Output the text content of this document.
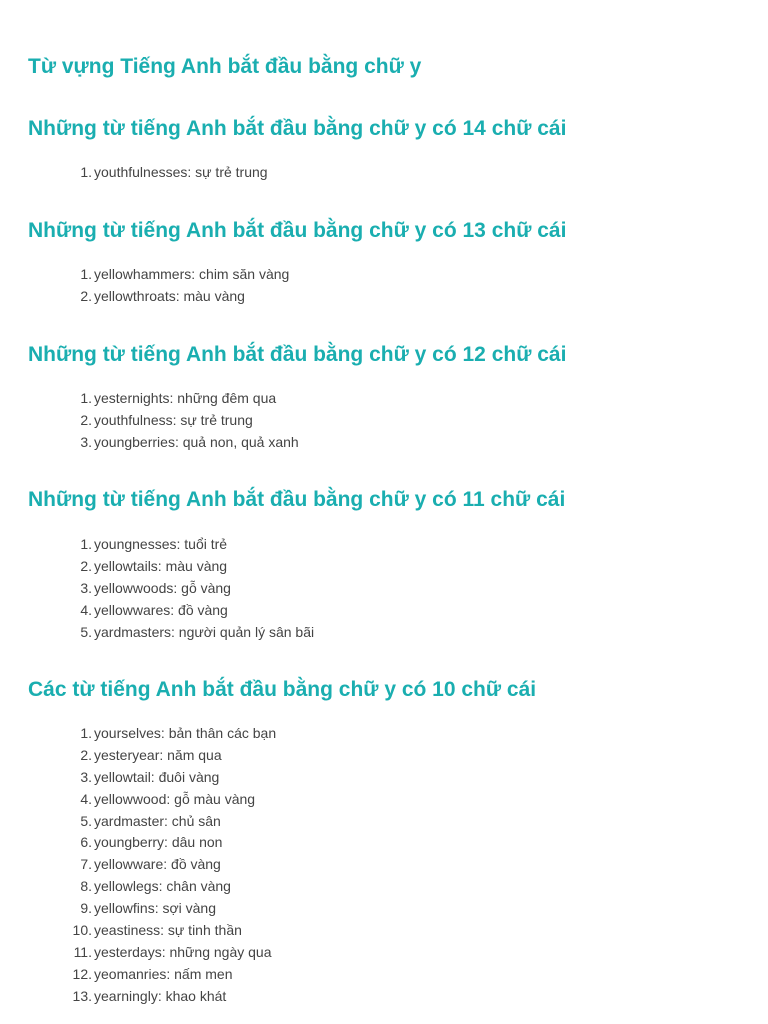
Từ vựng Tiếng Anh bắt đầu bằng chữ y
Những từ tiếng Anh bắt đầu bằng chữ y có 14 chữ cái
1. youthfulnesses: sự trẻ trung
Những từ tiếng Anh bắt đầu bằng chữ y có 13 chữ cái
1. yellowhammers: chim săn vàng
2. yellowthroats: màu vàng
Những từ tiếng Anh bắt đầu bằng chữ y có 12 chữ cái
1. yesternights: những đêm qua
2. youthfulness: sự trẻ trung
3. youngberries: quả non, quả xanh
Những từ tiếng Anh bắt đầu bằng chữ y có 11 chữ cái
1. youngnesses: tuổi trẻ
2. yellowtails: màu vàng
3. yellowwoods: gỗ vàng
4. yellowwares: đồ vàng
5. yardmasters: người quản lý sân bãi
Các từ tiếng Anh bắt đầu bằng chữ y có 10 chữ cái
1. yourselves: bản thân các bạn
2. yesteryear: năm qua
3. yellowtail: đuôi vàng
4. yellowwood: gỗ màu vàng
5. yardmaster: chủ sân
6. youngberry: dâu non
7. yellowware: đồ vàng
8. yellowlegs: chân vàng
9. yellowfins: sợi vàng
10. yeastiness: sự tinh thần
11. yesterdays: những ngày qua
12. yeomanries: nấm men
13. yearningly: khao khát
